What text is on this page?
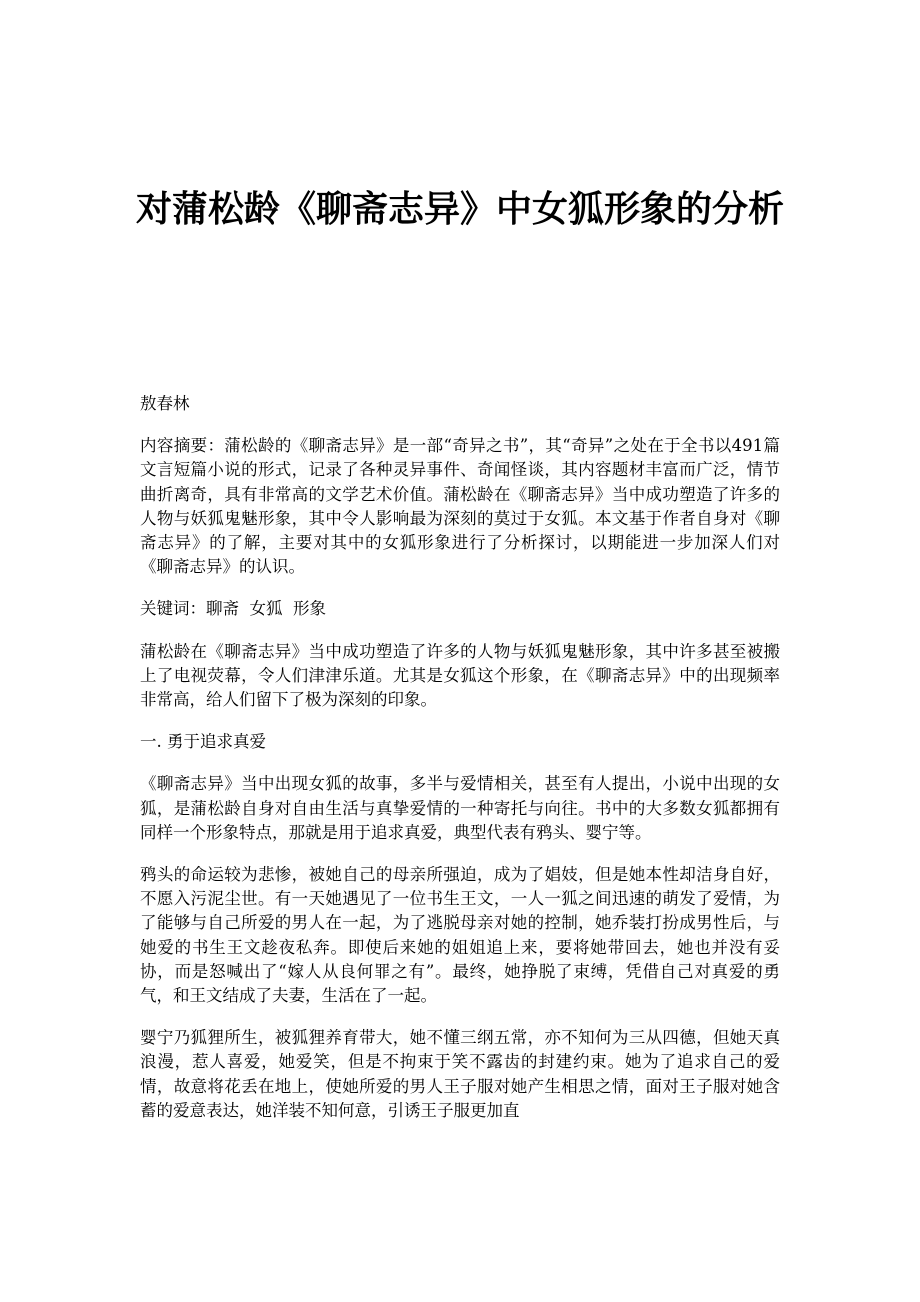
对蒲松龄《聊斋志异》中女狐形象的分析

敖春林

内容摘要：蒲松龄的《聊斋志异》是一部“奇异之书”，其“奇异”之处在于全书以491篇文言短篇小说的形式，记录了各种灵异事件、奇闻怪谈，其内容题材丰富而广泛，情节曲折离奇，具有非常高的文学艺术价值。蒲松龄在《聊斋志异》当中成功塑造了许多的人物与妖狐鬼魅形象，其中令人影响最为深刻的莫过于女狐。本文基于作者自身对《聊斋志异》的了解，主要对其中的女狐形象进行了分析探讨，以期能进一步加深人们对《聊斋志异》的认识。

关键词：聊斋  女狐  形象

蒲松龄在《聊斋志异》当中成功塑造了许多的人物与妖狐鬼魅形象，其中许多甚至被搬上了电视荧幕，令人们津津乐道。尤其是女狐这个形象，在《聊斋志异》中的出现频率非常高，给人们留下了极为深刻的印象。

一. 勇于追求真爱

《聊斋志异》当中出现女狐的故事，多半与爱情相关，甚至有人提出，小说中出现的女狐，是蒲松龄自身对自由生活与真挚爱情的一种寄托与向往。书中的大多数女狐都拥有同样一个形象特点，那就是用于追求真爱，典型代表有鸦头、婴宁等。

鸦头的命运较为悲惨，被她自己的母亲所强迫，成为了娼妓，但是她本性却洁身自好，不愿入污泥尘世。有一天她遇见了一位书生王文，一人一狐之间迅速的萌发了爱情，为了能够与自己所爱的男人在一起，为了逃脱母亲对她的控制，她乔装打扮成男性后，与她爱的书生王文趁夜私奔。即使后来她的姐姐追上来，要将她带回去，她也并没有妥协，而是怒喊出了“嫁人从良何罪之有”。最终，她挣脱了束缚，凭借自己对真爱的勇气，和王文结成了夫妻，生活在了一起。

婴宁乃狐狸所生，被狐狸养育带大，她不懂三纲五常，亦不知何为三从四德，但她天真浪漫，惹人喜爱，她爱笑，但是不拘束于笑不露齿的封建约束。她为了追求自己的爱情，故意将花丢在地上，使她所爱的男人王子服对她产生相思之情，面对王子服对她含蓄的爱意表达，她洋装不知何意，引诱王子服更加直
